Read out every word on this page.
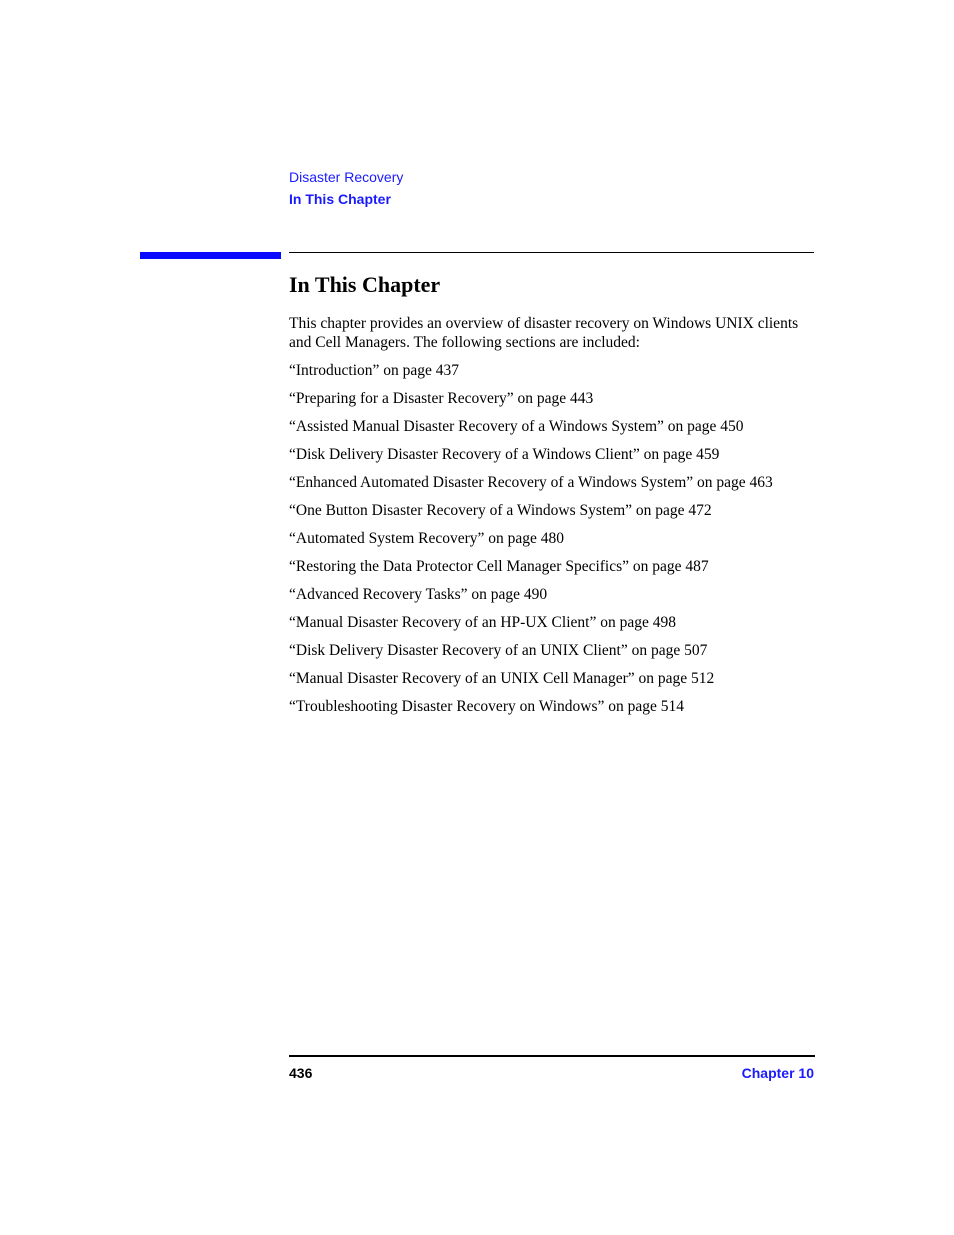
Disaster Recovery
In This Chapter
In This Chapter

This chapter provides an overview of disaster recovery on Windows UNIX clients and Cell Managers. The following sections are included:

“Introduction” on page 437
“Preparing for a Disaster Recovery” on page 443
“Assisted Manual Disaster Recovery of a Windows System” on page 450
“Disk Delivery Disaster Recovery of a Windows Client” on page 459
“Enhanced Automated Disaster Recovery of a Windows System” on page 463
“One Button Disaster Recovery of a Windows System” on page 472
“Automated System Recovery” on page 480
“Restoring the Data Protector Cell Manager Specifics” on page 487
“Advanced Recovery Tasks” on page 490
“Manual Disaster Recovery of an HP-UX Client” on page 498
“Disk Delivery Disaster Recovery of an UNIX Client” on page 507
“Manual Disaster Recovery of an UNIX Cell Manager” on page 512
“Troubleshooting Disaster Recovery on Windows” on page 514
436	Chapter 10
